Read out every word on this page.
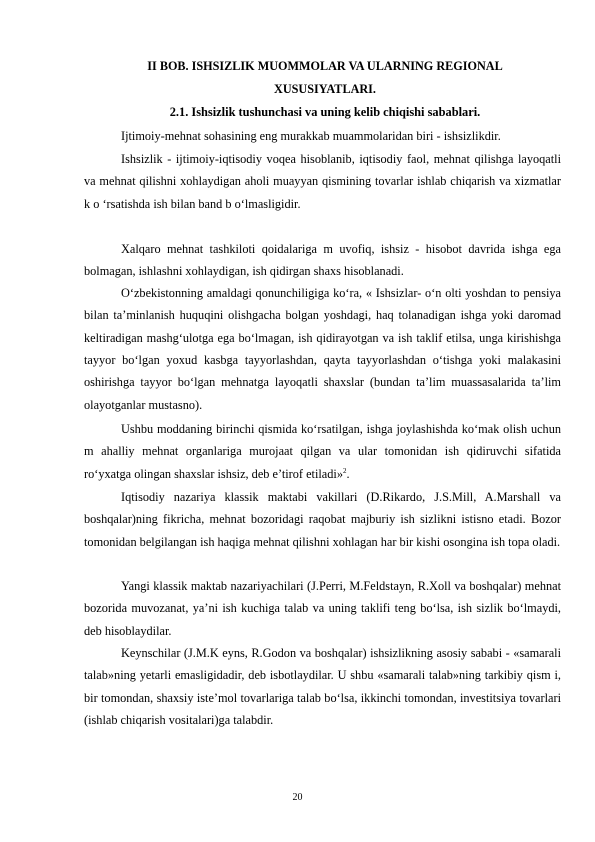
II BOB. ISHSIZLIK MUOMMOLAR VA ULARNING REGIONAL
XUSUSIYATLARI.
2.1. Ishsizlik tushunchasi va uning kelib chiqishi sabablari.

Ijtimoiy-mehnat sohasining eng murakkab muammolaridan biri - ishsizlikdir.

Ishsizlik - ijtimoiy-iqtisodiy voqea hisoblanib, iqtisodiy faol, mehnat qilishga layoqatli va mehnat qilishni xohlaydigan aholi muayyan qismining tovarlar ishlab chiqarish va xizmatlar k o ‘rsatishda ish bilan band b o‘lmasligidir.

Xalqaro mehnat tashkiloti qoidalariga m uvofiq, ishsiz - hisobot davrida ishga ega bolmagan, ishlashni xohlaydigan, ish qidirgan shaxs hisoblanadi.

O‘zbekistonning amaldagi qonunchiligiga ko‘ra, « Ishsizlar- o‘n olti yoshdan to pensiya bilan ta’minlanish huquqini olishgacha bolgan yoshdagi, haq tolanadigan ishga yoki daromad keltiradigan mashg‘ulotga ega bo‘lmagan, ish qidirayotgan va ish taklif etilsa, unga kirishishga tayyor bo‘lgan yoxud kasbga tayyorlashdan, qayta tayyorlashdan o‘tishga yoki malakasini oshirishga tayyor bo‘lgan mehnatga layoqatli shaxslar (bundan ta’lim muassasalarida ta’lim olayotganlar mustasno).

Ushbu moddaning birinchi qismida ko‘rsatilgan, ishga joylashishda ko‘mak olish uchun m ahalliy mehnat organlariga murojaat qilgan va ular tomonidan ish qidiruvchi sifatida ro‘yxatga olingan shaxslar ishsiz, deb e’tirof etiladi»$^2$.

Iqtisodiy nazariya klassik maktabi vakillari (D.Rikardo, J.S.Mill, A.Marshall va boshqalar)ning fikricha, mehnat bozoridagi raqobat majburiy ish sizlikni istisno etadi. Bozor tomonidan belgilangan ish haqiga mehnat qilishni xohlagan har bir kishi osongina ish topa oladi.

Yangi klassik maktab nazariyachilari (J.Perri, M.Feldstayn, R.Xoll va boshqalar) mehnat bozorida muvozanat, ya’ni ish kuchiga talab va uning taklifi teng bo‘lsa, ish sizlik bo‘lmaydi, deb hisoblaydilar.

Keynschilar (J.M.K eyns, R.Godon va boshqalar) ishsizlikning asosiy sababi - «samarali talab»ning yetarli emasligidadir, deb isbotlaydilar. U shbu «samarali talab»ning tarkibiy qism i, bir tomondan, shaxsiy iste’mol tovarlariga talab bo‘lsa, ikkinchi tomondan, investitsiya tovarlari (ishlab chiqarish vositalari)ga talabdir.

20
